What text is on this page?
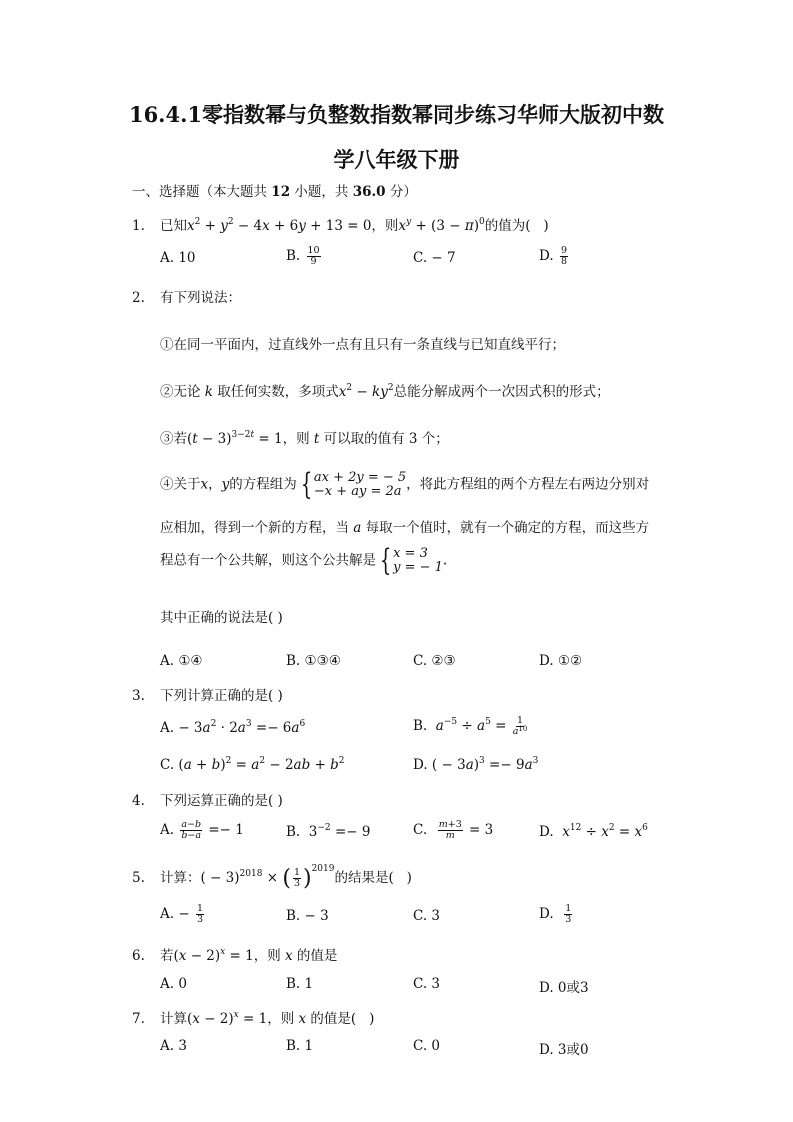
16.4.1零指数幂与负整数指数幂同步练习华师大版初中数
学八年级下册
一、选择题（本大题共 12 小题，共 36.0 分）
1. 已知$x^2 + y^2 - 4x + 6y + 13 = 0$，则$x^y + (3 - \pi)^0$的值为(   )
A. 10	B. $\frac{10}{9}$	C. − 7	D. $\frac{9}{8}$
2. 有下列说法：
①在同一平面内，过直线外一点有且只有一条直线与已知直线平行；
②无论 k 取任何实数，多项式$x^2 - ky^2$总能分解成两个一次因式积的形式；
③若$(t - 3)^{3-2t} = 1$，则 t 可以取的值有 3 个；
④关于x，y的方程组为 { ax + 2y = − 5
−x + ay = 2a ，将此方程组的两个方程左右两边分别对
应相加，得到一个新的方程，当 a 每取一个值时，就有一个确定的方程，而这些方
程总有一个公共解，则这个公共解是 { x = 3
y = − 1 .
其中正确的说法是( )
A. ①④	B. ①③④	C. ②③	D. ①②
3. 下列计算正确的是( )
A. − $3a^2 \cdot 2a^3 =- 6a^6$	B.  $a^{-5} \div a^5 = \frac{1}{a^{10}}$
C. $(a + b)^2 = a^2 - 2ab + b^2$	D. ( − $3a)^3 =- 9a^3$
4. 下列运算正确的是( )
A. $\frac{a-b}{b-a} =- 1$	B.  $3^{-2} =- 9$	C. $\frac{m+3}{m} = 3$	D.  $x^{12} \div x^2 = x^6$
5. 计算：( − 3)$^{2018}$ × ( $\frac{1}{3} )^{2019}$的结果是(   )
A. − $\frac{1}{3}$	B. − 3	C. 3	D. $\frac{1}{3}$
6. 若$(x - 2)^x = 1$，则 x 的值是
A. 0	B. 1	C. 3	D. 0或3
7. 计算$(x - 2)^x = 1$，则 x 的值是(   )
A. 3	B. 1	C. 0	D. 3或0
